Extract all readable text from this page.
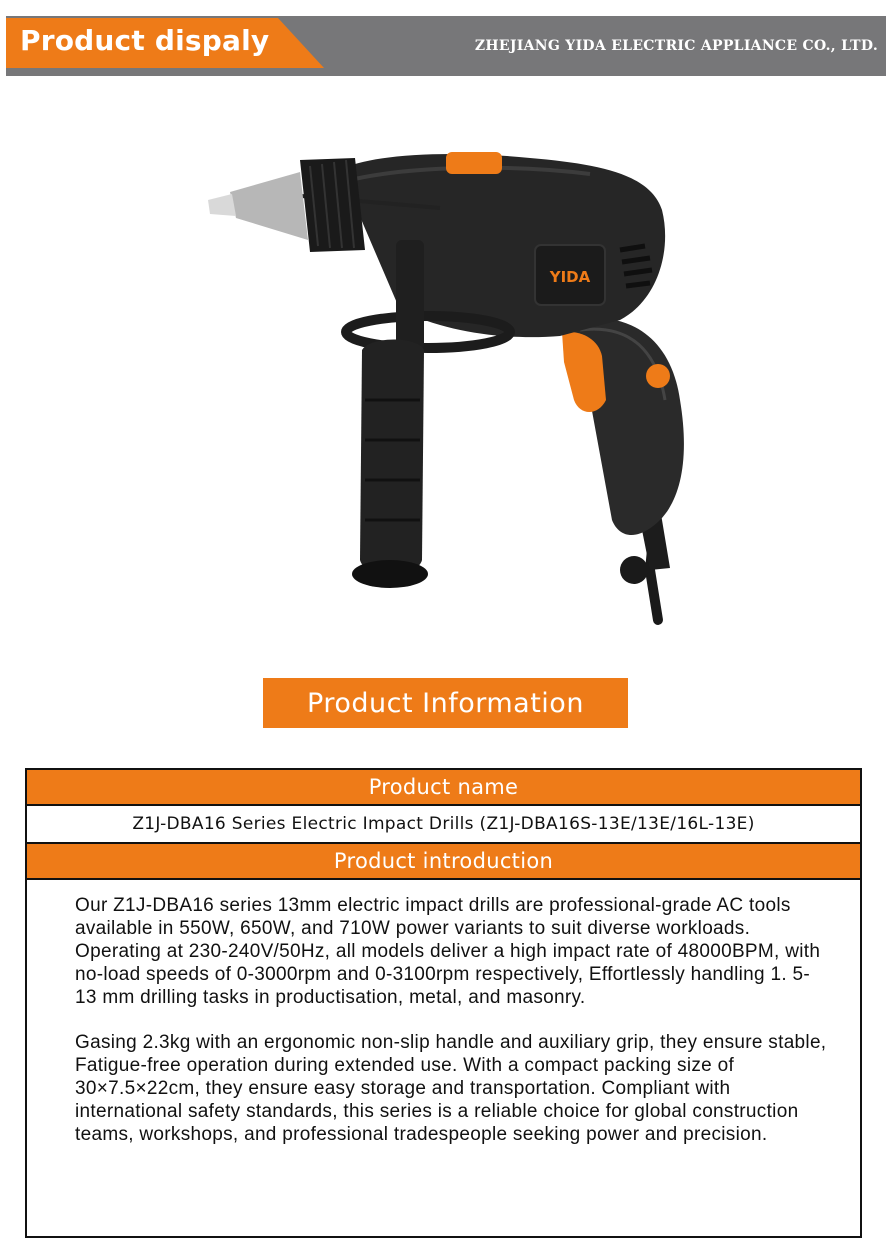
Product dispaly	ZHEJIANG YIDA ELECTRIC APPLIANCE CO., LTD.
YIDA
Product Information
Product name
Z1J-DBA16 Series Electric Impact Drills (Z1J-DBA16S-13E/13E/16L-13E)
Product introduction

Our Z1J-DBA16 series 13mm electric impact drills are professional-grade AC tools available in 550W, 650W, and 710W power variants to suit diverse workloads. Operating at 230-240V/50Hz, all models deliver a high impact rate of 48000BPM, with no-load speeds of 0-3000rpm and 0-3100rpm respectively, Effortlessly handling 1. 5-13 mm drilling tasks in productisation, metal, and masonry.

Gasing 2.3kg with an ergonomic non-slip handle and auxiliary grip, they ensure stable, Fatigue-free operation during extended use. With a compact packing size of 30×7.5×22cm, they ensure easy storage and transportation. Compliant with international safety standards, this series is a reliable choice for global construction teams, workshops, and professional tradespeople seeking power and precision.
